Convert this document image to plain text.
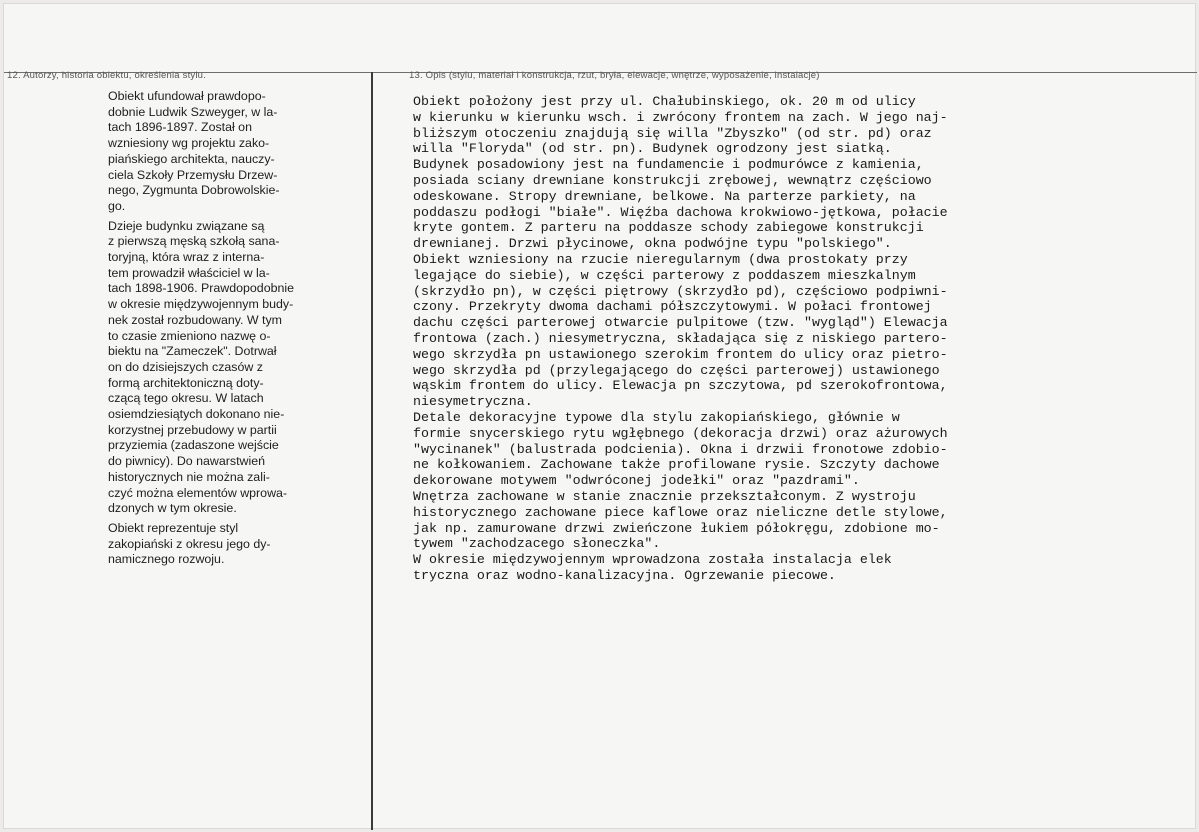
12. Autorzy, historia obiektu, określenia stylu.	13. Opis (stylu, materiał i konstrukcja, rzut, bryła, elewacje, wnętrze, wyposażenie, instalacje)

Obiekt ufundował prawdopo-
dobnie Ludwik Szweyger, w la-
tach 1896-1897. Został on
wzniesiony wg projektu zako-
piańskiego architekta, nauczy-
ciela Szkoły Przemysłu Drzew-
nego, Zygmunta Dobrowolskie-
go.

Dzieje budynku związane są
z pierwszą męską szkołą sana-
toryjną, która wraz z interna-
tem prowadził właściciel w la-
tach 1898-1906. Prawdopodobnie
w okresie międzywojennym budy-
nek został rozbudowany. W tym
to czasie zmieniono nazwę o-
biektu na "Zameczek". Dotrwał
on do dzisiejszych czasów z
formą architektoniczną doty-
czącą tego okresu. W latach
osiemdziesiątych dokonano nie-
korzystnej przebudowy w partii
przyziemia (zadaszone wejście
do piwnicy). Do nawarstwień
historycznych nie można zali-
czyć można elementów wprowa-
dzonych w tym okresie.

Obiekt reprezentuje styl
zakopiański z okresu jego dy-
namicznego rozwoju.

Obiekt położony jest przy ul. Chałubinskiego, ok. 20 m od ulicy
w kierunku w kierunku wsch. i zwrócony frontem na zach. W jego naj-
bliższym otoczeniu znajdują się willa "Zbyszko" (od str. pd) oraz
willa "Floryda" (od str. pn). Budynek ogrodzony jest siatką.
Budynek posadowiony jest na fundamencie i podmurówce z kamienia,
posiada sciany drewniane konstrukcji zrębowej, wewnątrz częściowo
odeskowane. Stropy drewniane, belkowe. Na parterze parkiety, na
poddaszu podłogi "białe". Więźba dachowa krokwiowo-jętkowa, połacie
kryte gontem. Z parteru na poddasze schody zabiegowe konstrukcji
drewnianej. Drzwi płycinowe, okna podwójne typu "polskiego".
Obiekt wzniesiony na rzucie nieregularnym (dwa prostokaty przy
legające do siebie), w części parterowy z poddaszem mieszkalnym
(skrzydło pn), w części piętrowy (skrzydło pd), częściowo podpiwni-
czony. Przekryty dwoma dachami półszczytowymi. W połaci frontowej
dachu części parterowej otwarcie pulpitowe (tzw. "wygląd") Elewacja
frontowa (zach.) niesymetryczna, składająca się z niskiego partero-
wego skrzydła pn ustawionego szerokim frontem do ulicy oraz pietro-
wego skrzydła pd (przylegającego do części parterowej) ustawionego
wąskim frontem do ulicy. Elewacja pn szczytowa, pd szerokofrontowa,
niesymetryczna.
Detale dekoracyjne typowe dla stylu zakopiańskiego, głównie w
formie snycerskiego rytu wgłębnego (dekoracja drzwi) oraz ażurowych
"wycinanek" (balustrada podcienia). Okna i drzwii fronotowe zdobio-
ne kołkowaniem. Zachowane także profilowane rysie. Szczyty dachowe
dekorowane motywem "odwróconej jodełki" oraz "pazdrami".
Wnętrza zachowane w stanie znacznie przekształconym. Z wystroju
historycznego zachowane piece kaflowe oraz nieliczne detle stylowe,
jak np. zamurowane drzwi zwieńczone łukiem półokręgu, zdobione mo-
tywem "zachodzacego słoneczka".
W okresie międzywojennym wprowadzona została instalacja elek
tryczna oraz wodno-kanalizacyjna. Ogrzewanie piecowe.
